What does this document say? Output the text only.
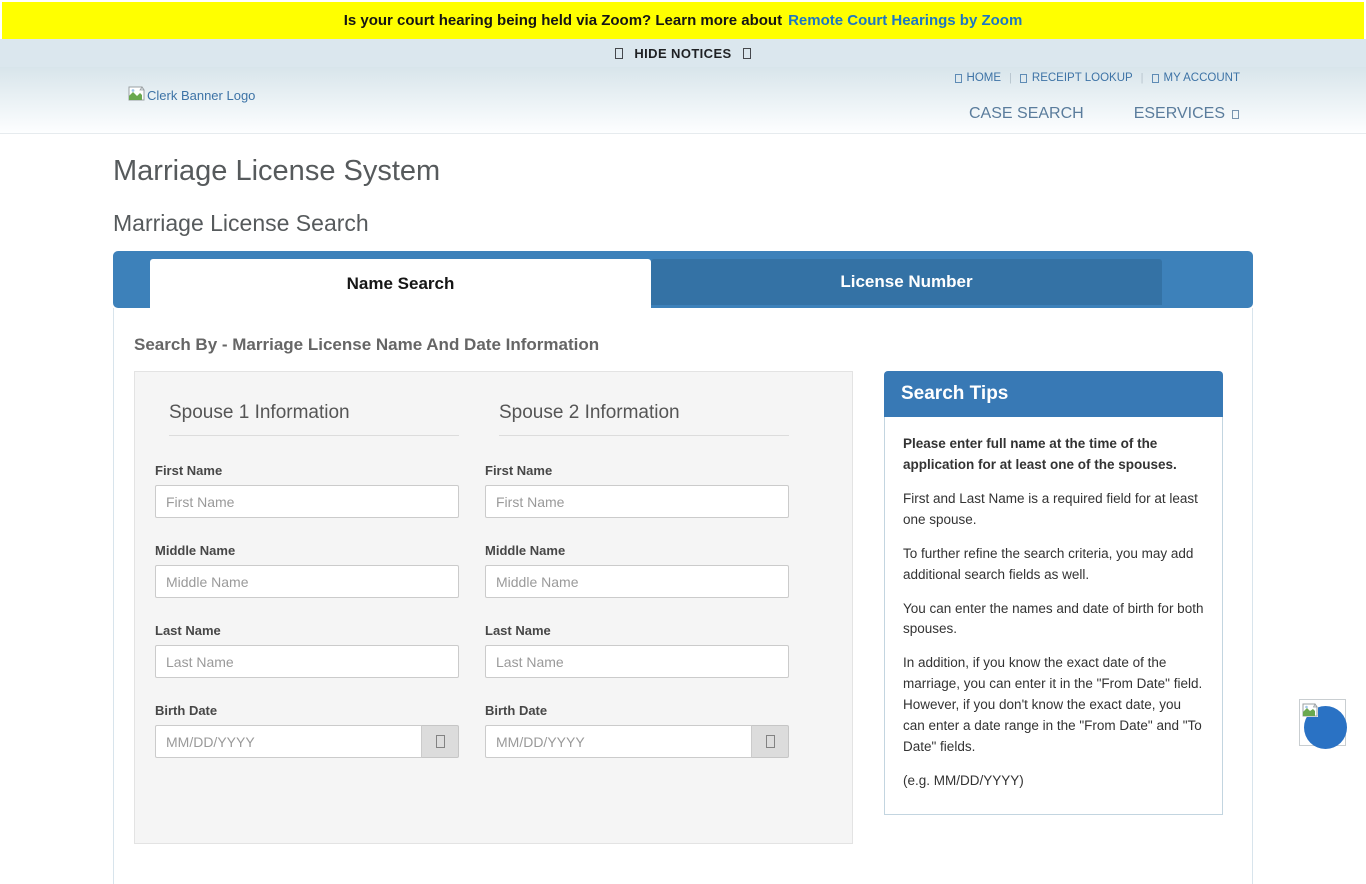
Is your court hearing being held via Zoom? Learn more about Remote Court Hearings by Zoom
HIDE NOTICES
Clerk Banner Logo
HOME | RECEIPT LOOKUP | MY ACCOUNT
CASE SEARCH	ESERVICES
Marriage License System
Marriage License Search
Name Search	License Number
Search By - Marriage License Name And Date Information
Spouse 1 Information
First Name
First Name
Middle Name
Middle Name
Last Name
Last Name
Birth Date
MM/DD/YYYY
Spouse 2 Information
First Name
First Name
Middle Name
Middle Name
Last Name
Last Name
Birth Date
MM/DD/YYYY
Search Tips

Please enter full name at the time of the application for at least one of the spouses.

First and Last Name is a required field for at least one spouse.

To further refine the search criteria, you may add additional search fields as well.

You can enter the names and date of birth for both spouses.

In addition, if you know the exact date of the marriage, you can enter it in the "From Date" field. However, if you don't know the exact date, you can enter a date range in the "From Date" and "To Date" fields.

(e.g. MM/DD/YYYY)
